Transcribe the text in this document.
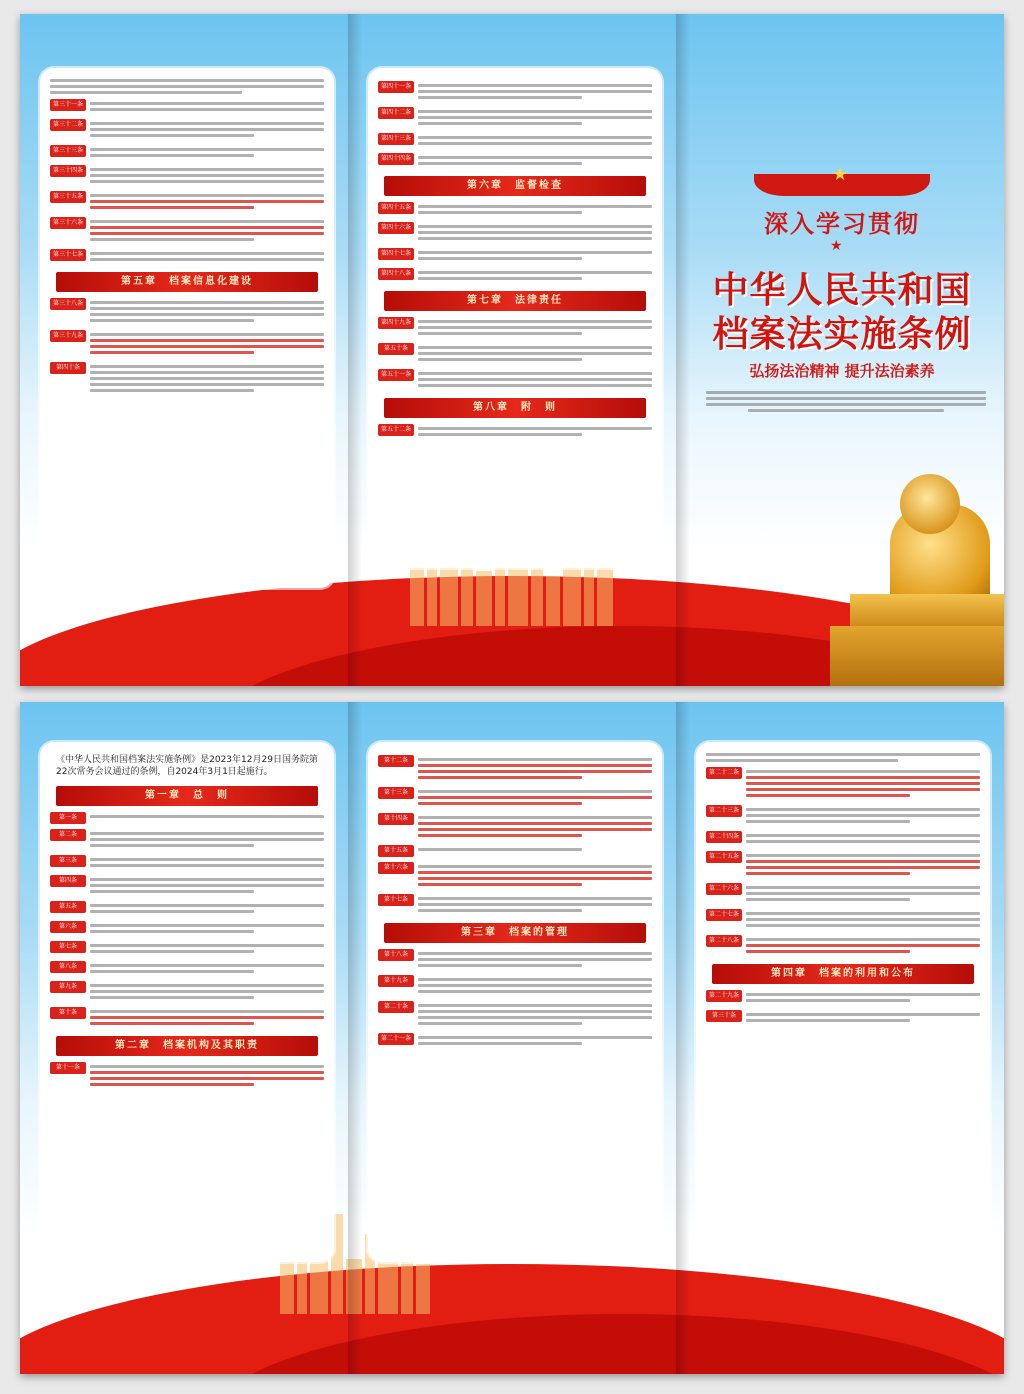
第三十一条
第三十二条
第三十三条
第三十四条
第三十五条
第三十六条
第三十七条
第五章　档案信息化建设
第三十八条
第三十九条
第四十条
第四十一条
第四十二条
第四十三条
第四十四条
第六章　监督检查
第四十五条
第四十六条
第四十七条
第四十八条
第七章　法律责任
第四十九条
第五十条
第五十一条
第八章　附　则
第五十二条
★
深入学习贯彻
★
中华人民共和国
档案法实施条例
弘扬法治精神 提升法治素养
《中华人民共和国档案法实施条例》是2023年12月29日国务院第22次常务会议通过的条例，自2024年3月1日起施行。
第一章　总　则
第一条
第二条
第三条
第四条
第五条
第六条
第七条
第八条
第九条
第十条
第二章　档案机构及其职责
第十一条
第十二条
第十三条
第十四条
第十五条
第十六条
第十七条
第三章　档案的管理
第十八条
第十九条
第二十条
第二十一条
第二十二条
第二十三条
第二十四条
第二十五条
第二十六条
第二十七条
第二十八条
第四章　档案的利用和公布
第二十九条
第三十条
